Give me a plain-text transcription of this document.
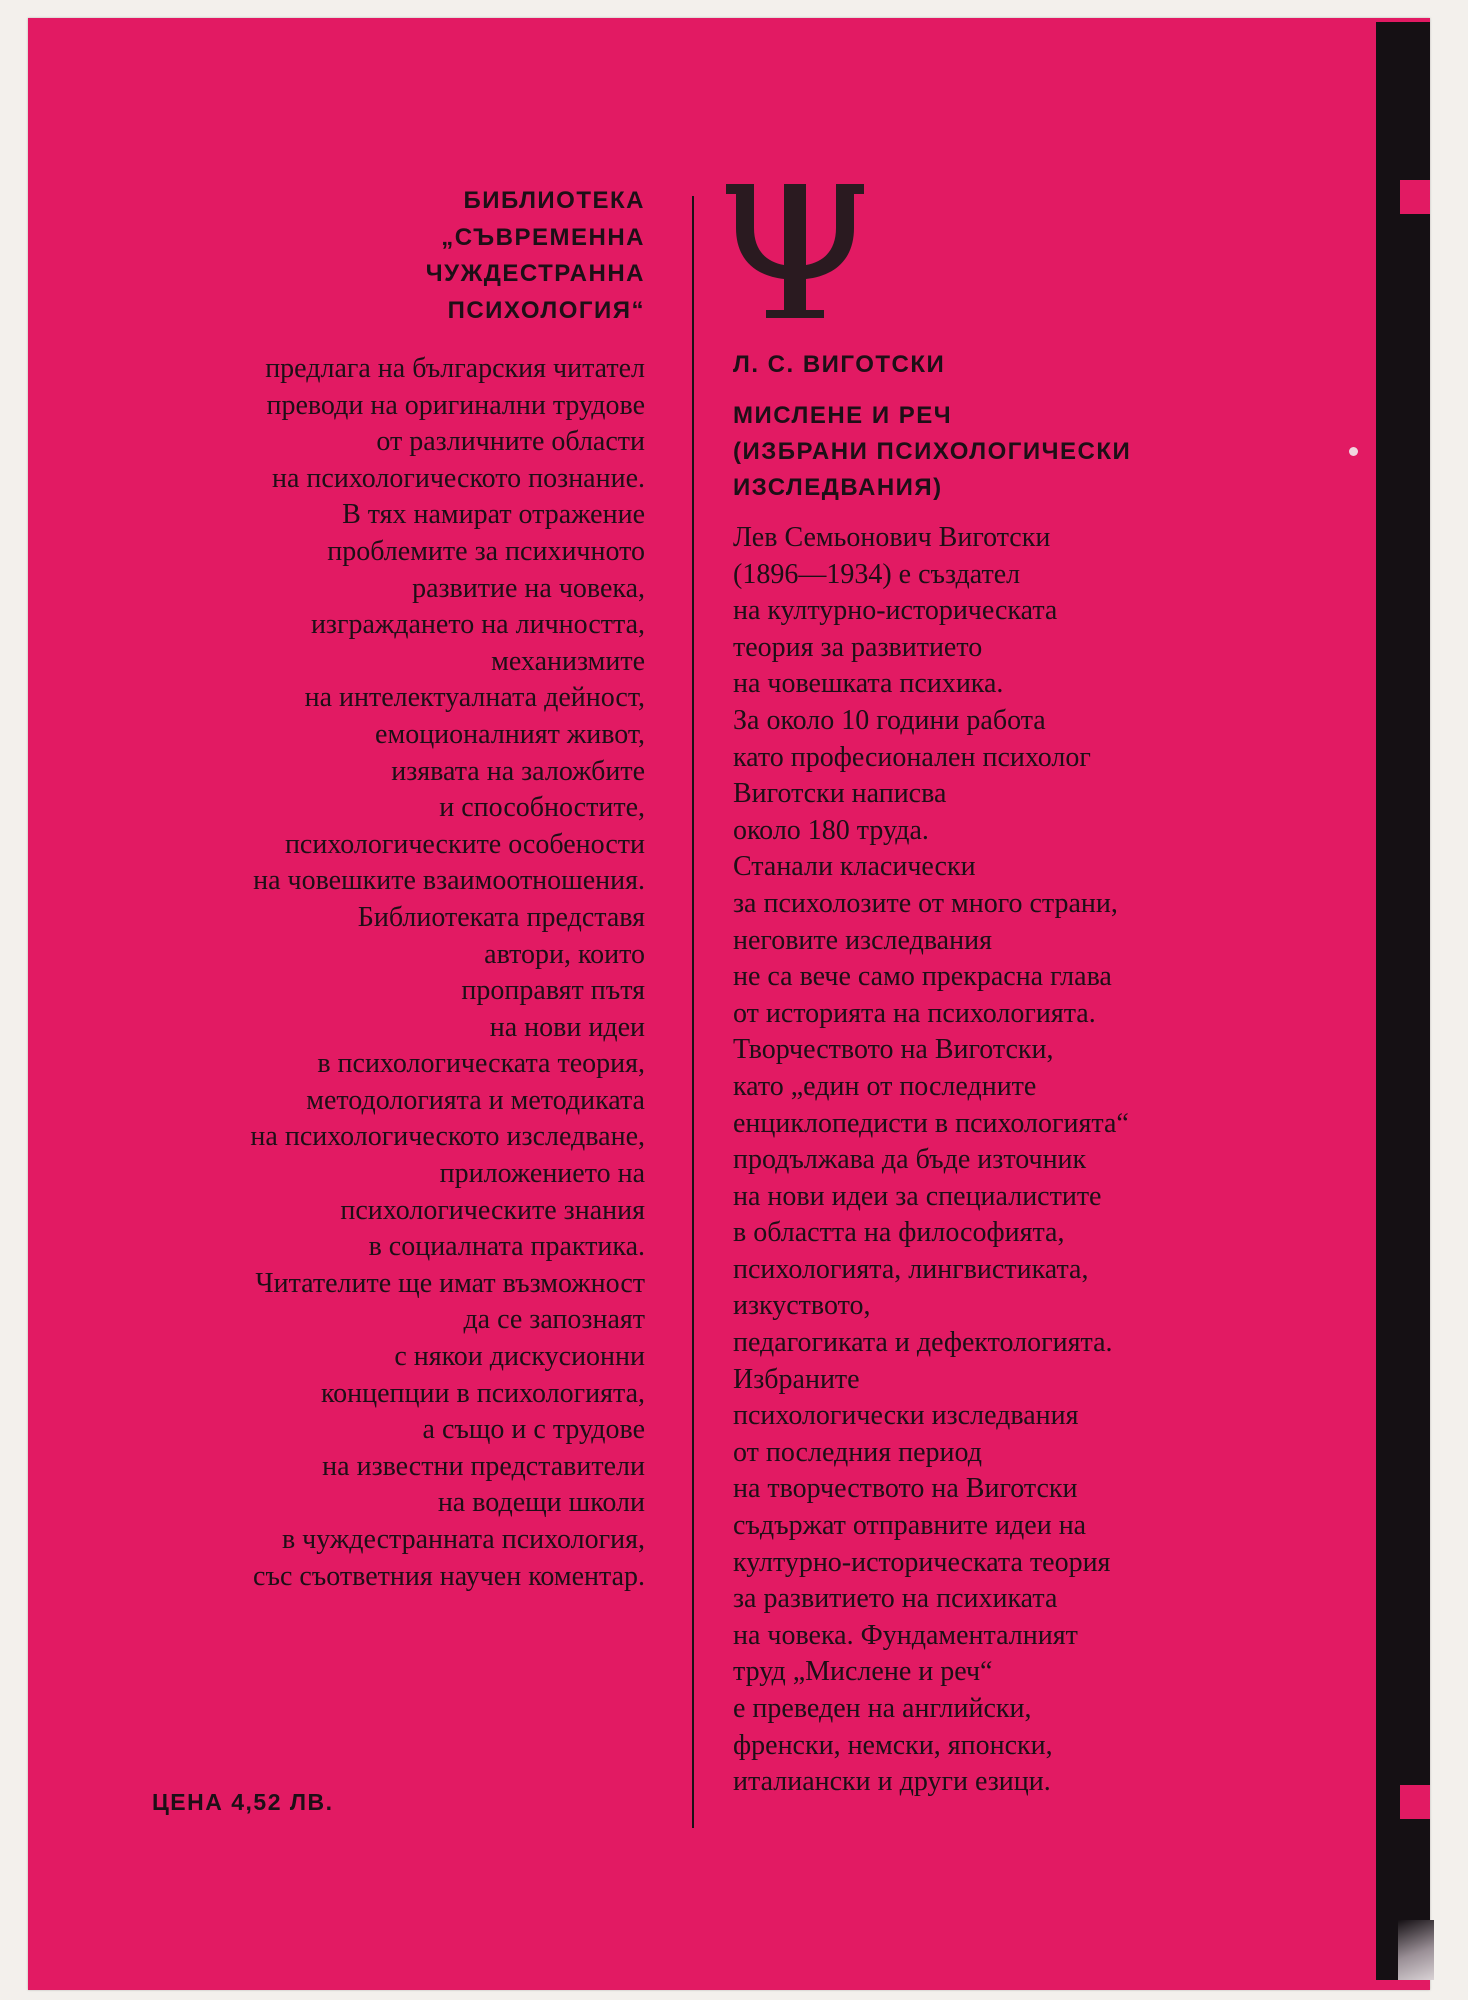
БИБЛИОТЕКА
„СЪВРЕМЕННА
ЧУЖДЕСТРАННА
ПСИХОЛОГИЯ“
предлага на българския читател
преводи на оригинални трудове
от различните области
на психологическото познание.
В тях намират отражение
проблемите за психичното
развитие на човека,
изграждането на личността,
механизмите
на интелектуалната дейност,
емоционалният живот,
изявата на заложбите
и способностите,
психологическите особености
на човешките взаимоотношения.
Библиотеката представя
автори, които
проправят пътя
на нови идеи
в психологическата теория,
методологията и методиката
на психологическото изследване,
приложението на
психологическите знания
в социалната практика.
Читателите ще имат възможност
да се запознаят
с някои дискусионни
концепции в психологията,
а също и с трудове
на известни представители
на водещи школи
в чуждестранната психология,
със съответния научен коментар.
ЦЕНА 4,52 ЛВ.
Л. С. ВИГОТСКИ
МИСЛЕНЕ И РЕЧ
(ИЗБРАНИ ПСИХОЛОГИЧЕСКИ
ИЗСЛЕДВАНИЯ)
Лев Семьонович Виготски
(1896—1934) е създател
на културно-историческата
теория за развитието
на човешката психика.
За около 10 години работа
като професионален психолог
Виготски написва
около 180 труда.
Станали класически
за психолозите от много страни,
неговите изследвания
не са вече само прекрасна глава
от историята на психологията.
Творчеството на Виготски,
като „един от последните
енциклопедисти в психологията“
продължава да бъде източник
на нови идеи за специалистите
в областта на философията,
психологията, лингвистиката,
изкуството,
педагогиката и дефектологията.
Избраните
психологически изследвания
от последния период
на творчеството на Виготски
съдържат отправните идеи на
културно-историческата теория
за развитието на психиката
на човека. Фундаменталният
труд „Мислене и реч“
е преведен на английски,
френски, немски, японски,
италиански и други езици.
